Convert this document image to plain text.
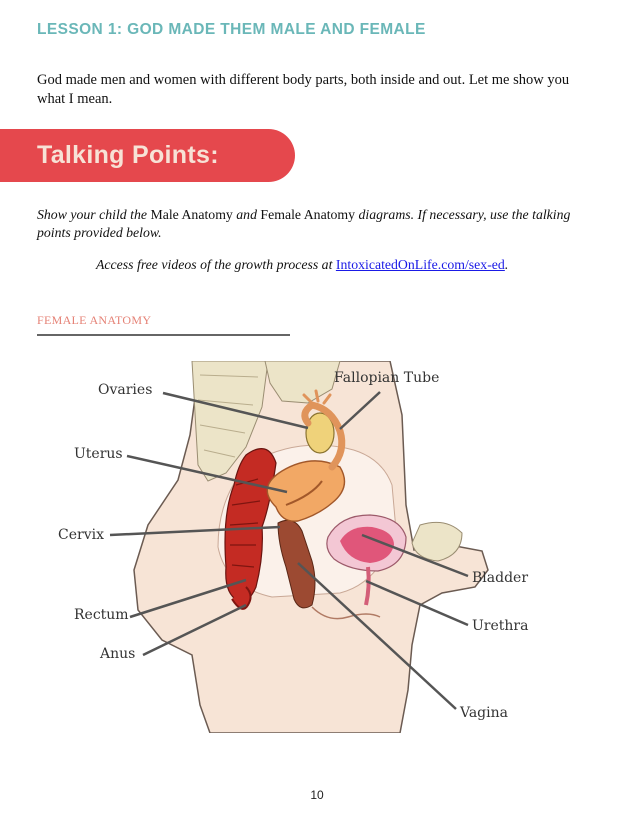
LESSON 1: GOD MADE THEM MALE AND FEMALE
God made men and women with different body parts, both inside and out. Let me show you what I mean.
Talking Points:
Show your child the Male Anatomy and Female Anatomy diagrams. If necessary, use the talking points provided below.
Access free videos of the growth process at IntoxicatedOnLife.com/sex-ed.
FEMALE ANATOMY
Ovaries
Uterus
Cervix
Rectum
Anus
Fallopian Tube
Bladder
Urethra
Vagina
10
